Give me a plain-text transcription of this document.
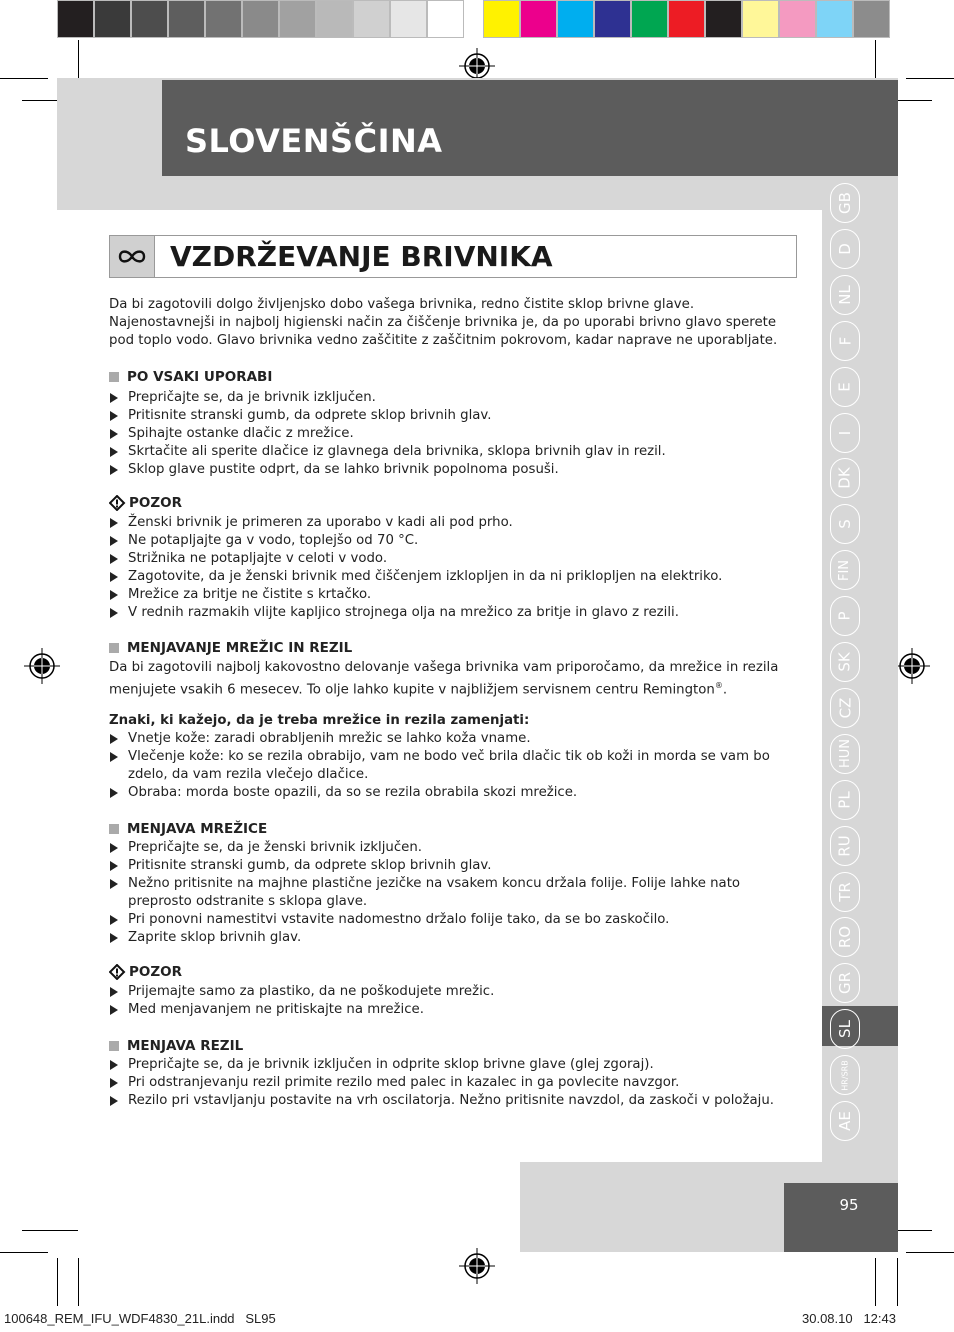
SLOVENŠČINA
GB
D
NL
F
E
I
DK
S
FIN
P
SK
CZ
HUN
PL
RU
TR
RO
GR
SL
HR/SRB
AE
95
VZDRŽEVANJE BRIVNIKA

Da bi zagotovili dolgo življenjsko dobo vašega brivnika, redno čistite sklop brivne glave. Najenostavnejši in najbolj higienski način za čiščenje brivnika je, da po uporabi brivno glavo sperete pod toplo vodo. Glavo brivnika vedno zaščitite z zaščitnim pokrovom, kadar naprave ne uporabljate.

PO VSAKI UPORABI
Prepričajte se, da je brivnik izključen.
Pritisnite stranski gumb, da odprete sklop brivnih glav.
Spihajte ostanke dlačic z mrežice.
Skrtačite ali sperite dlačice iz glavnega dela brivnika, sklopa brivnih glav in rezil.
Sklop glave pustite odprt, da se lahko brivnik popolnoma posuši.
POZOR
Ženski brivnik je primeren za uporabo v kadi ali pod prho.
Ne potapljajte ga v vodo, toplejšo od 70 °C.
Strižnika ne potapljajte v celoti v vodo.
Zagotovite, da je ženski brivnik med čiščenjem izklopljen in da ni priklopljen na elektriko.
Mrežice za britje ne čistite s krtačko.
V rednih razmakih vlijte kapljico strojnega olja na mrežico za britje in glavo z rezili.
MENJAVANJE MREŽIC IN REZIL

Da bi zagotovili najbolj kakovostno delovanje vašega brivnika vam priporočamo, da mrežice in rezila
menjujete vsakih 6 mesecev. To olje lahko kupite v najbližjem servisnem centru Remington®.

Znaki, ki kažejo, da je treba mrežice in rezila zamenjati:
Vnetje kože: zaradi obrabljenih mrežic se lahko koža vname.
Vlečenje kože: ko se rezila obrabijo, vam ne bodo več brila dlačic tik ob koži in morda se vam bo zdelo, da vam rezila vlečejo dlačice.
Obraba: morda boste opazili, da so se rezila obrabila skozi mrežice.
MENJAVA MREŽICE
Prepričajte se, da je ženski brivnik izključen.
Pritisnite stranski gumb, da odprete sklop brivnih glav.
Nežno pritisnite na majhne plastične jezičke na vsakem koncu držala folije. Folije lahke nato preprosto odstranite s sklopa glave.
Pri ponovni namestitvi vstavite nadomestno držalo folije tako, da se bo zaskočilo.
Zaprite sklop brivnih glav.
POZOR
Prijemajte samo za plastiko, da ne poškodujete mrežic.
Med menjavanjem ne pritiskajte na mrežice.
MENJAVA REZIL
Prepričajte se, da je brivnik izključen in odprite sklop brivne glave (glej zgoraj).
Pri odstranjevanju rezil primite rezilo med palec in kazalec in ga povlecite navzgor.
Rezilo pri vstavljanju postavite na vrh oscilatorja. Nežno pritisnite navzdol, da zaskoči v položaju.
100648_REM_IFU_WDF4830_21L.indd   SL95	30.08.10   12:43
